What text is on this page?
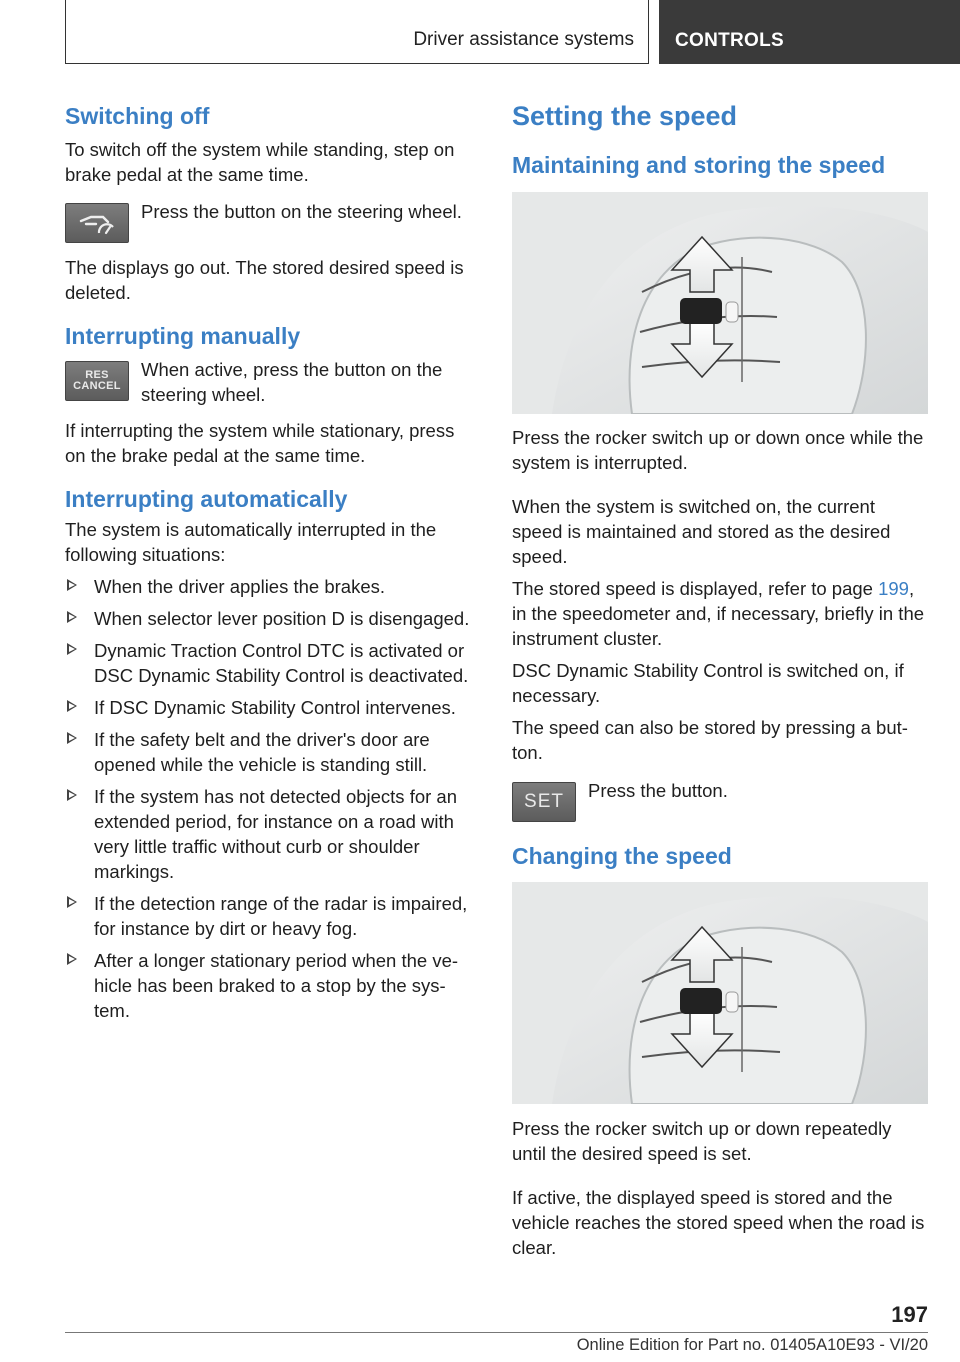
Driver assistance systems	CONTROLS
Switching off

To switch off the system while standing, step on brake pedal at the same time.

Press the button on the steering wheel.

The displays go out. The stored desired speed is deleted.

Interrupting manually
RES
CANCEL

When active, press the button on the steering wheel.

If interrupting the system while stationary, press on the brake pedal at the same time.

Interrupting automatically

The system is automatically interrupted in the following situations:

When the driver applies the brakes.
When selector lever position D is disengaged.
Dynamic Traction Control DTC is activated or DSC Dynamic Stability Control is deactivated.
If DSC Dynamic Stability Control intervenes.
If the safety belt and the driver's door are opened while the vehicle is standing still.
If the system has not detected objects for an extended period, for instance on a road with very little traffic without curb or shoulder markings.
If the detection range of the radar is impaired, for instance by dirt or heavy fog.
After a longer stationary period when the ve‐hicle has been braked to a stop by the sys‐tem.
Setting the speed
Maintaining and storing the speed

Press the rocker switch up or down once while the system is interrupted.

When the system is switched on, the current speed is maintained and stored as the desired speed.

The stored speed is displayed, refer to page 199, in the speedometer and, if necessary, briefly in the instrument cluster.

DSC Dynamic Stability Control is switched on, if necessary.

The speed can also be stored by pressing a but‐ton.

SET

Press the button.

Changing the speed

Press the rocker switch up or down repeatedly until the desired speed is set.

If active, the displayed speed is stored and the vehicle reaches the stored speed when the road is clear.

197
Online Edition for Part no. 01405A10E93 - VI/20
